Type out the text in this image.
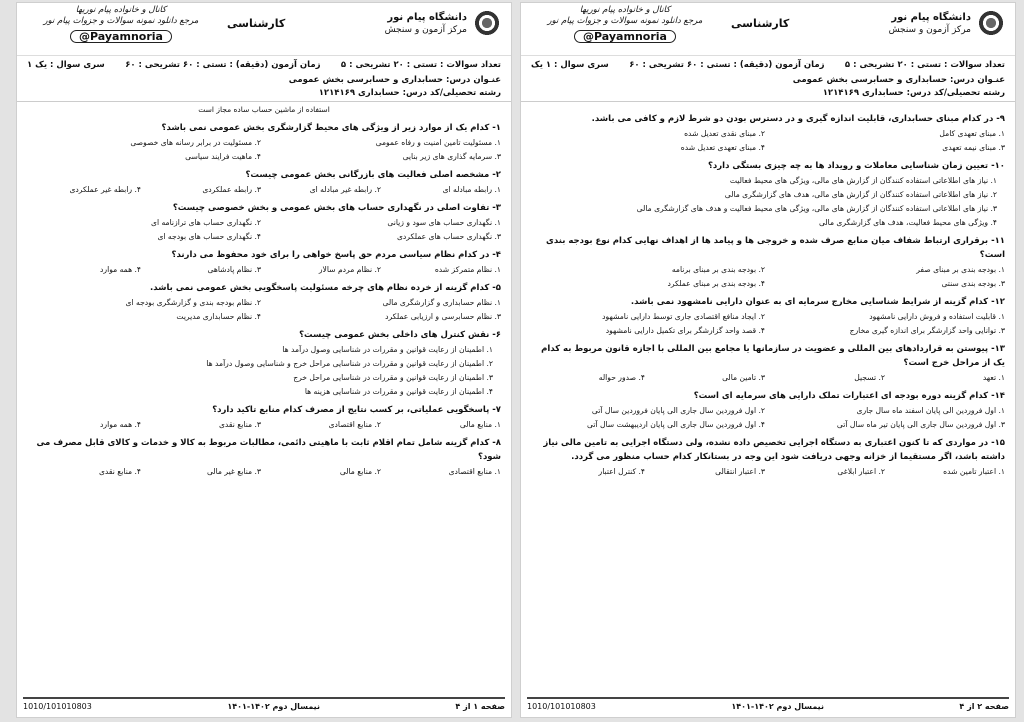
دانشگاه پیام نور
مرکز آزمون و سنجش
کارشناسی
کانال و خانواده پیام نوریها
مرجع دانلود نمونه سوالات و جزوات پیام نور
@Payamnoria
تعداد سوالات : تستی : ۲۰ تشریحی : ۵
زمان آزمون (دقیقه) : تستی : ۶۰ تشریحی : ۶۰
سری سوال : یک ۱
عنـوان درس: حسابداری و حسابرسی بخش عمومی
رشته تحصیلی/کد درس: حسابداری ۱۲۱۴۱۶۹
استفاده از ماشین حساب ساده مجاز است
۱- کدام یک از موارد زیر از ویژگی های محیط گزارشگری بخش عمومی نمی باشد؟
۱. مسئولیت تامین امنیت و رفاه عمومی
۲. مسئولیت در برابر رسانه های خصوصی
۳. سرمایه گذاری های زیر بنایی
۴. ماهیت فرایند سیاسی
۲- مشخصه اصلی فعالیت های بازرگانی بخش عمومی چیست؟
۱. رابطه مبادله ای
۲. رابطه غیر مبادله ای
۳. رابطه عملکردی
۴. رابطه غیر عملکردی
۳- تفاوت اصلی در نگهداری حساب های بخش عمومی و بخش خصوصی چیست؟
۱. نگهداری حساب های سود و زیانی
۲. نگهداری حساب های ترازنامه ای
۳. نگهداری حساب های عملکردی
۴. نگهداری حساب های بودجه ای
۴- در کدام نظام سیاسی مردم حق پاسخ خواهی را برای خود محفوظ می دارند؟
۱. نظام متمرکز شده
۲. نظام مردم سالار
۳. نظام پادشاهی
۴. همه موارد
۵- کدام گزینه از خرده نظام های چرخه مسئولیت پاسخگویی بخش عمومی نمی باشد.
۱. نظام حسابداری و گزارشگری مالی
۲. نظام بودجه بندی و گزارشگری بودجه ای
۳. نظام حسابرسی و ارزیابی عملکرد
۴. نظام حسابداری مدیریت
۶- نقش کنترل های داخلی بخش عمومی چیست؟
۱. اطمینان از رعایت قوانین و مقررات در شناسایی وصول درآمد ها
۲. اطمینان از رعایت قوانین و مقررات در شناسایی مراحل خرج و شناسایی وصول درآمد ها
۳. اطمینان از رعایت قوانین و مقررات در شناسایی مراحل خرج
۴. اطمینان از رعایت قوانین و مقررات در شناسایی هزینه ها
۷- پاسخگویی عملیاتی، بر کسب نتایج از مصرف کدام منابع تاکید دارد؟
۱. منابع مالی
۲. منابع اقتصادی
۳. منابع نقدی
۴. همه موارد
۸- کدام گزینه شامل تمام اقلام ثابت با ماهیتی دائمی، مطالبات مربوط به کالا و خدمات و کالای قابل مصرف می شود؟
۱. منابع اقتصادی
۲. منابع مالی
۳. منابع غیر مالی
۴. منابع نقدی
صفحه ۱ از ۴
نیمسال دوم ۱۴۰۲-۱۴۰۱
1010/101010803
دانشگاه پیام نور
مرکز آزمون و سنجش
کارشناسی
کانال و خانواده پیام نوریها
مرجع دانلود نمونه سوالات و جزوات پیام نور
@Payamnoria
تعداد سوالات : تستی : ۲۰ تشریحی : ۵
زمان آزمون (دقیقه) : تستی : ۶۰ تشریحی : ۶۰
سری سوال : ۱ یک
عنـوان درس: حسابداری و حسابرسی بخش عمومی
رشته تحصیلی/کد درس: حسابداری ۱۲۱۴۱۶۹
۹- در کدام مبنای حسابداری، قابلیت اندازه گیری و در دسترس بودن دو شرط لازم و کافی می باشد.
۱. مبنای تعهدی کامل
۲. مبنای نقدی تعدیل شده
۳. مبنای نیمه تعهدی
۴. مبنای تعهدی تعدیل شده
۱۰- تعیین زمان شناسایی معاملات و رویداد ها به چه چیزی بستگی دارد؟
۱. نیاز های اطلاعاتی استفاده کنندگان از گزارش های مالی، ویژگی های محیط فعالیت
۲. نیاز های اطلاعاتی استفاده کنندگان از گزارش های مالی، هدف های گزارشگری مالی
۳. نیاز های اطلاعاتی استفاده کنندگان از گزارش های مالی، ویژگی های محیط فعالیت و هدف های گزارشگری مالی
۴. ویژگی های محیط فعالیت، هدف های گزارشگری مالی
۱۱- برقراری ارتباط شفاف میان منابع صرف شده و خروجی ها و پیامد ها از اهداف نهایی کدام نوع بودجه بندی است؟
۱. بودجه بندی بر مبنای صفر
۲. بودجه بندی بر مبنای برنامه
۳. بودجه بندی سنتی
۴. بودجه بندی بر مبنای عملکرد
۱۲- کدام گزینه از شرایط شناسایی مخارج سرمایه ای به عنوان دارایی نامشهود نمی باشد.
۱. قابلیت استفاده و فروش دارایی نامشهود
۲. ایجاد منافع اقتصادی جاری توسط دارایی نامشهود
۳. توانایی واحد گزارشگر برای اندازه گیری مخارج
۴. قصد واحد گزارشگر برای تکمیل دارایی نامشهود
۱۳- پیوستن به قراردادهای بین المللی و عضویت در سازمانها یا مجامع بین المللی با اجازه قانون مربوط به کدام یک از مراحل خرج است؟
۱. تعهد
۲. تسجیل
۳. تامین مالی
۴. صدور حواله
۱۴- کدام گزینه دوره بودجه ای اعتبارات تملک دارایی های سرمایه ای است؟
۱. اول فروردین الی پایان اسفند ماه سال جاری
۲. اول فروردین سال جاری الی پایان فروردین سال آتی
۳. اول فروردین سال جاری الی پایان تیر ماه سال آتی
۴. اول فروردین سال جاری الی پایان اردیبهشت سال آتی
۱۵- در مواردی که تا کنون اعتباری به دستگاه اجرایی تخصیص داده نشده، ولی دستگاه اجرایی به تامین مالی نیاز داشته باشد، اگر مستقیما از خزانه وجهی دریافت شود این وجه در بستانکار کدام حساب منظور می گردد.
۱. اعتبار تامین شده
۲. اعتبار ابلاغی
۳. اعتبار انتقالی
۴. کنترل اعتبار
صفحه ۲ از ۴
نیمسال دوم ۱۴۰۲-۱۴۰۱
1010/101010803
